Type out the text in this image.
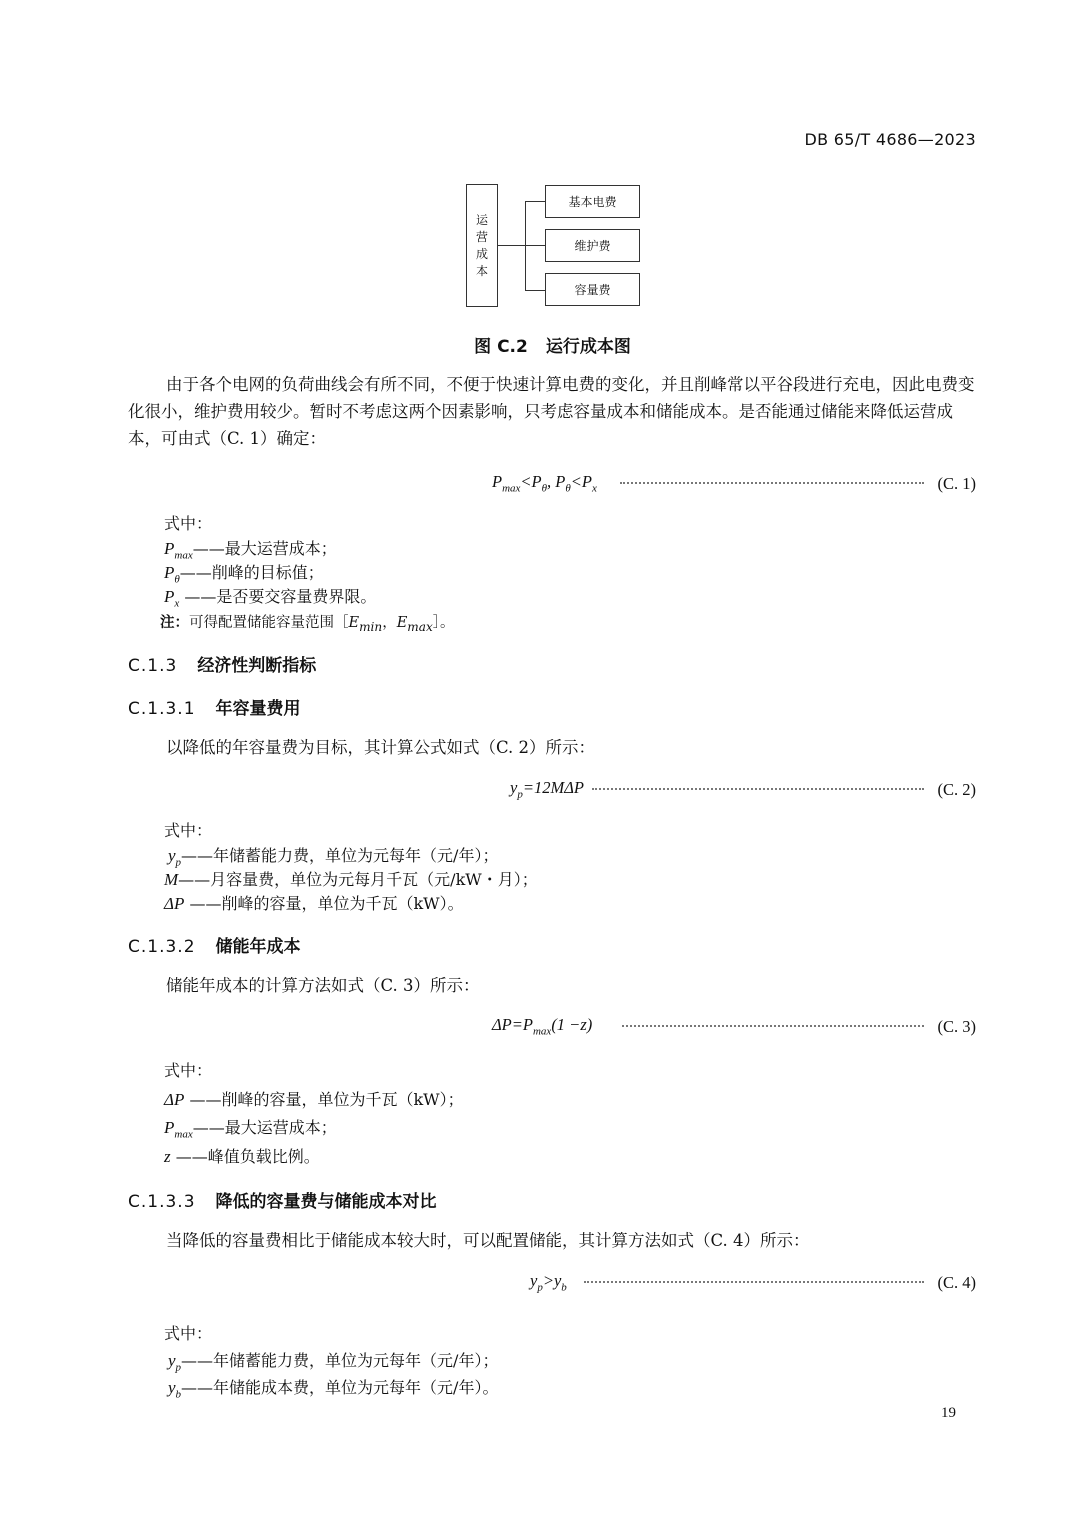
DB 65/T 4686—2023
运
营
成
本
基本电费
维护费
容量费
图 C.2 运行成本图
由于各个电网的负荷曲线会有所不同，不便于快速计算电费的变化，并且削峰常以平谷段进行充电，因此电费变化很小，维护费用较少。暂时不考虑这两个因素影响，只考虑容量成本和储能成本。是否能通过储能来降低运营成本，可由式（C. 1）确定：
$P_{max}<P_\theta$, $P_\theta<P_x$	(C. 1)
式中：
$P_{max}——$最大运营成本；
$P_\theta——$削峰的目标值；
$P_x$ ——是否要交容量费界限。
注：可得配置储能容量范围$[E_{min}$，$E_{max}]$。
C.1.3 经济性判断指标
C.1.3.1 年容量费用
以降低的年容量费为目标，其计算公式如式（C. 2）所示：
$y_p=12M\Delta P$	(C. 2)
式中：
$y_p——$年储蓄能力费，单位为元每年（元/年）；
M——月容量费，单位为元每月千瓦（元/kW・月）；
ΔP ——削峰的容量，单位为千瓦（kW）。
C.1.3.2 储能年成本
储能年成本的计算方法如式（C. 3）所示：
$\Delta P=P_{max}(1 -z)$	(C. 3)
式中：
ΔP ——削峰的容量，单位为千瓦（kW）；
$P_{max}——$最大运营成本；
z ——峰值负载比例。
C.1.3.3 降低的容量费与储能成本对比
当降低的容量费相比于储能成本较大时，可以配置储能，其计算方法如式（C. 4）所示：
$y_p>y_b$	(C. 4)
式中：
$y_p——$年储蓄能力费，单位为元每年（元/年）；
$y_b——$年储能成本费，单位为元每年（元/年）。
19
